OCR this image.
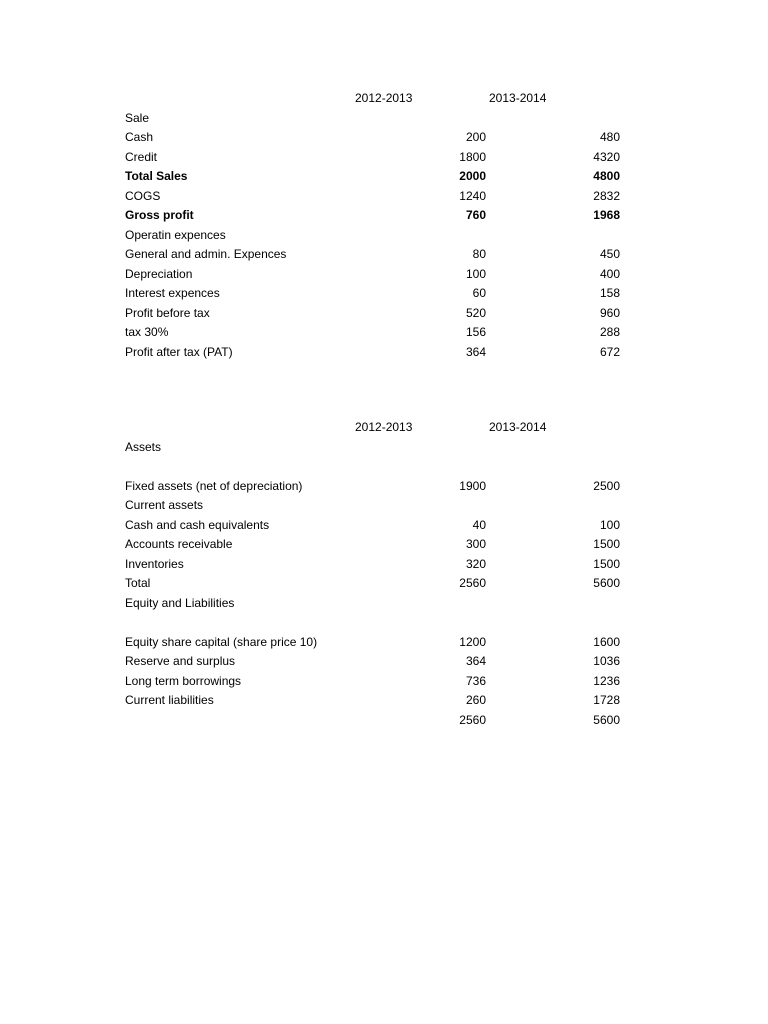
2012-2013	2013-2014
Sale
Cash	200	480
Credit	1800	4320
Total Sales	2000	4800
COGS	1240	2832
Gross profit	760	1968
Operatin expences
General and admin. Expences	80	450
Depreciation	100	400
Interest expences	60	158
Profit before tax	520	960
tax 30%	156	288
Profit after tax (PAT)	364	672
2012-2013	2013-2014
Assets
Fixed assets (net of depreciation)	1900	2500
Current assets
Cash and cash equivalents	40	100
Accounts receivable	300	1500
Inventories	320	1500
Total	2560	5600
Equity and Liabilities
Equity share capital (share price 10)	1200	1600
Reserve and surplus	364	1036
Long term borrowings	736	1236
Current liabilities	260	1728
2560	5600
